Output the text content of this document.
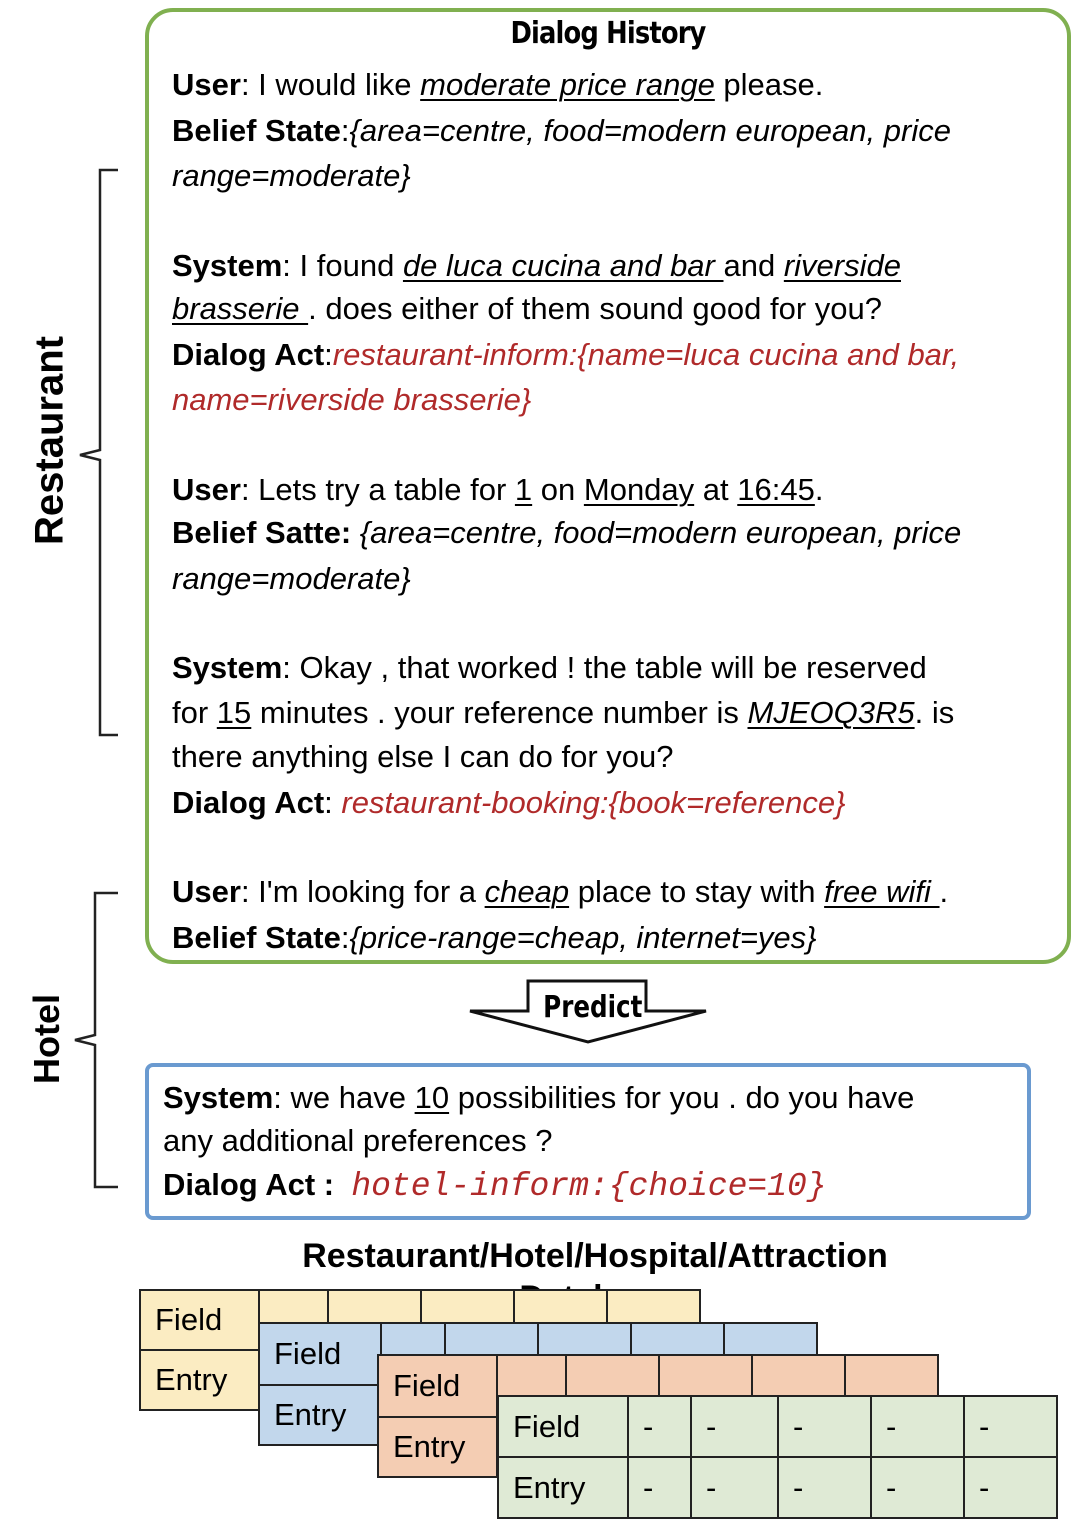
Dialog History
User: I would like moderate price range please.
Belief State:{area=centre, food=modern european, price
range=moderate}
System: I found de luca cucina and bar and riverside
brasserie . does either of them sound good for you?
Dialog Act:restaurant-inform:{name=luca cucina and bar,
name=riverside brasserie}
User: Lets try a table for 1 on Monday at 16:45.
Belief Satte: {area=centre, food=modern european, price
range=moderate}
System: Okay , that worked ! the table will be reserved
for 15 minutes . your reference number is MJEOQ3R5. is
there anything else I can do for you?
Dialog Act: restaurant-booking:{book=reference}
User: I'm looking for a cheap place to stay with free wifi .
Belief State:{price-range=cheap, internet=yes}
Restaurant
Hotel	Predict
System: we have 10 possibilities for you . do you have
any additional preferences ?
Dialog Act : hotel-inform:{choice=10}
Restaurant/Hotel/Hospital/Attraction
Field					
Entry					
Field					
Entry					
Field					
Entry					
Field	-	-	-	-	-
Entry	-	-	-	-	-
